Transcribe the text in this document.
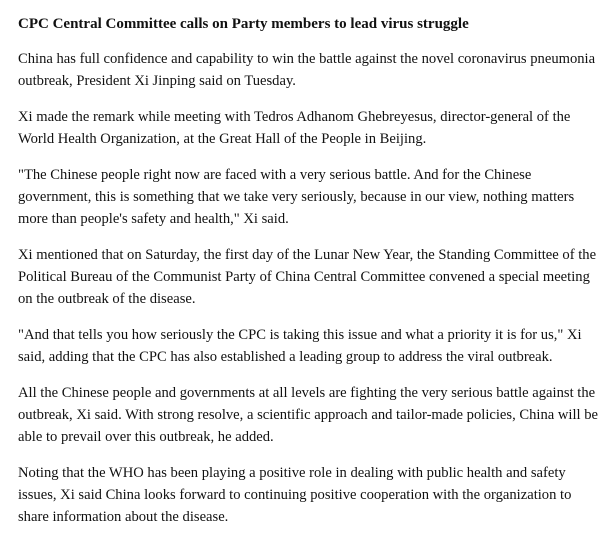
CPC Central Committee calls on Party members to lead virus struggle

China has full confidence and capability to win the battle against the novel coronavirus pneumonia outbreak, President Xi Jinping said on Tuesday.

Xi made the remark while meeting with Tedros Adhanom Ghebreyesus, director-general of the World Health Organization, at the Great Hall of the People in Beijing.

"The Chinese people right now are faced with a very serious battle. And for the Chinese government, this is something that we take very seriously, because in our view, nothing matters more than people's safety and health," Xi said.

Xi mentioned that on Saturday, the first day of the Lunar New Year, the Standing Committee of the Political Bureau of the Communist Party of China Central Committee convened a special meeting on the outbreak of the disease.

"And that tells you how seriously the CPC is taking this issue and what a priority it is for us," Xi said, adding that the CPC has also established a leading group to address the viral outbreak.

All the Chinese people and governments at all levels are fighting the very serious battle against the outbreak, Xi said. With strong resolve, a scientific approach and tailor-made policies, China will be able to prevail over this outbreak, he added.

Noting that the WHO has been playing a positive role in dealing with public health and safety issues, Xi said China looks forward to continuing positive cooperation with the organization to share information about the disease.
